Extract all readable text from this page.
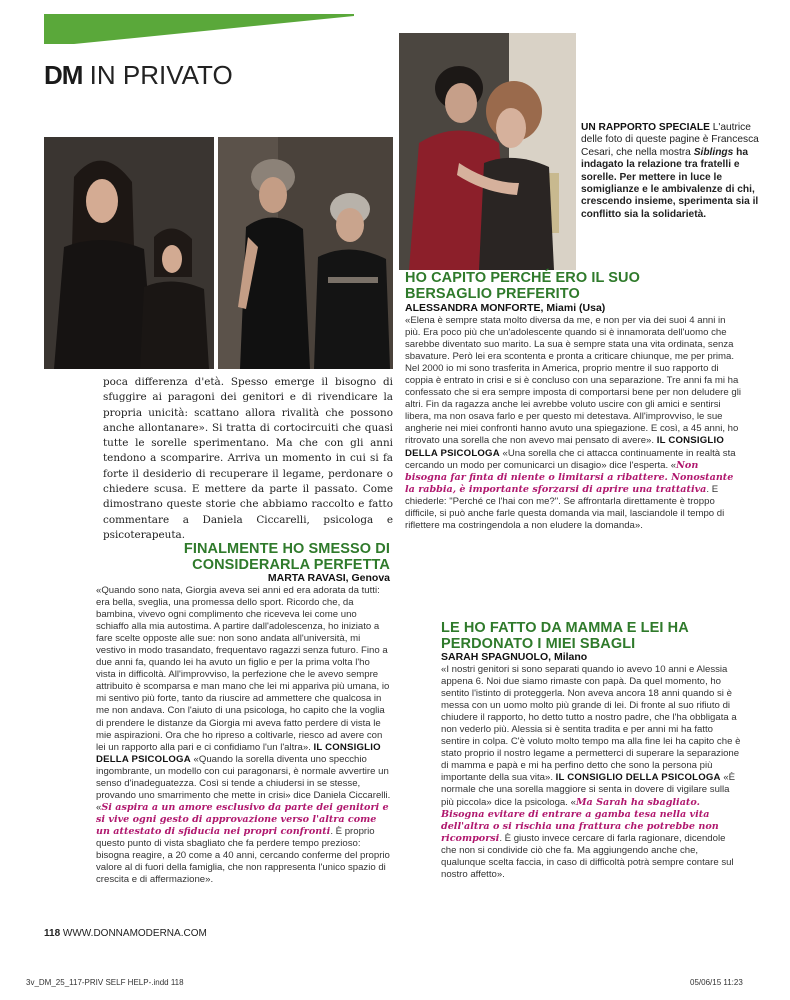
DM IN PRIVATO
UN RAPPORTO SPECIALE L'autrice delle foto di queste pagine è Francesca Cesari, che nella mostra Siblings ha indagato la relazione tra fratelli e sorelle. Per mettere in luce le somiglianze e le ambivalenze di chi, crescendo insieme, sperimenta sia il conflitto sia la solidarietà.

poca differenza d'età. Spesso emerge il bisogno di sfuggire ai paragoni dei genitori e di rivendicare la propria unicità: scattano allora rivalità che possono anche allontanare». Si tratta di cortocircuiti che quasi tutte le sorelle sperimentano. Ma che con gli anni tendono a scomparire. Arriva un momento in cui si fa forte il desiderio di recuperare il legame, perdonare o chiedere scusa. E mettere da parte il passato. Come dimostrano queste storie che abbiamo raccolto e fatto commentare a Daniela Ciccarelli, psicologa e psicoterapeuta.

HO CAPITO PERCHÉ ERO IL SUO BERSAGLIO PREFERITO
ALESSANDRA MONFORTE, Miami (Usa)
«Elena è sempre stata molto diversa da me, e non per via dei suoi 4 anni in più. Era poco più che un'adolescente quando si è innamorata dell'uomo che sarebbe diventato suo marito. La sua è sempre stata una vita ordinata, senza sbavature. Però lei era scontenta e pronta a criticare chiunque, me per prima. Nel 2000 io mi sono trasferita in America, proprio mentre il suo rapporto di coppia è entrato in crisi e si è concluso con una separazione. Tre anni fa mi ha confessato che si era sempre imposta di comportarsi bene per non deludere gli altri. Fin da ragazza anche lei avrebbe voluto uscire con gli amici e sentirsi libera, ma non osava farlo e per questo mi detestava. All'improvviso, le sue angherie nei miei confronti hanno avuto una spiegazione. E così, a 45 anni, ho ritrovato una sorella che non avevo mai pensato di avere». IL CONSIGLIO DELLA PSICOLOGA «Una sorella che ci attacca continuamente in realtà sta cercando un modo per comunicarci un disagio» dice l'esperta. «Non bisogna far finta di niente o limitarsi a ribattere. Nonostante la rabbia, è importante sforzarsi di aprire una trattativa. E chiederle: "Perché ce l'hai con me?". Se affrontarla direttamente è troppo difficile, si può anche farle questa domanda via mail, lasciandole il tempo di riflettere ma costringendola a non eludere la domanda».
FINALMENTE HO SMESSO DI CONSIDERARLA PERFETTA
MARTA RAVASI, Genova
«Quando sono nata, Giorgia aveva sei anni ed era adorata da tutti: era bella, sveglia, una promessa dello sport. Ricordo che, da bambina, vivevo ogni complimento che riceveva lei come uno schiaffo alla mia autostima. A partire dall'adolescenza, ho iniziato a fare scelte opposte alle sue: non sono andata all'università, mi vestivo in modo trasandato, frequentavo ragazzi senza futuro. Fino a due anni fa, quando lei ha avuto un figlio e per la prima volta l'ho vista in difficoltà. All'improvviso, la perfezione che le avevo sempre attribuito è scomparsa e man mano che lei mi appariva più umana, io mi sentivo più forte, tanto da riuscire ad ammettere che qualcosa in me non andava. Con l'aiuto di una psicologa, ho capito che la voglia di prendere le distanze da Giorgia mi aveva fatto perdere di vista le mie aspirazioni. Ora che ho ripreso a coltivarle, riesco ad avere con lei un rapporto alla pari e ci confidiamo l'un l'altra». IL CONSIGLIO DELLA PSICOLOGA «Quando la sorella diventa uno specchio ingombrante, un modello con cui paragonarsi, è normale avvertire un senso d'inadeguatezza. Così si tende a chiudersi in se stesse, provando uno smarrimento che mette in crisi» dice Daniela Ciccarelli. «Si aspira a un amore esclusivo da parte dei genitori e si vive ogni gesto di approvazione verso l'altra come un attestato di sfiducia nei propri confronti. È proprio questo punto di vista sbagliato che fa perdere tempo prezioso: bisogna reagire, a 20 come a 40 anni, cercando conferme del proprio valore al di fuori della famiglia, che non rappresenta l'unico spazio di crescita e di affermazione».
LE HO FATTO DA MAMMA E LEI HA PERDONATO I MIEI SBAGLI
SARAH SPAGNUOLO, Milano
«I nostri genitori si sono separati quando io avevo 10 anni e Alessia appena 6. Noi due siamo rimaste con papà. Da quel momento, ho sentito l'istinto di proteggerla. Non aveva ancora 18 anni quando si è messa con un uomo molto più grande di lei. Di fronte al suo rifiuto di chiudere il rapporto, ho detto tutto a nostro padre, che l'ha obbligata a non vederlo più. Alessia si è sentita tradita e per anni mi ha fatto sentire in colpa. C'è voluto molto tempo ma alla fine lei ha capito che è stato proprio il nostro legame a permetterci di superare la separazione di mamma e papà e mi ha perfino detto che sono la persona più importante della sua vita». IL CONSIGLIO DELLA PSICOLOGA «È normale che una sorella maggiore si senta in dovere di vigilare sulla più piccola» dice la psicologa. «Ma Sarah ha sbagliato. Bisogna evitare di entrare a gamba tesa nella vita dell'altra o si rischia una frattura che potrebbe non ricomporsi. È giusto invece cercare di farla ragionare, dicendole che non si condivide ciò che fa. Ma aggiungendo anche che, qualunque scelta faccia, in caso di difficoltà potrà sempre contare sul nostro affetto».
118 WWW.DONNAMODERNA.COM
3v_DM_25_117-PRIV SELF HELP-.indd 118	05/06/15 11:23
